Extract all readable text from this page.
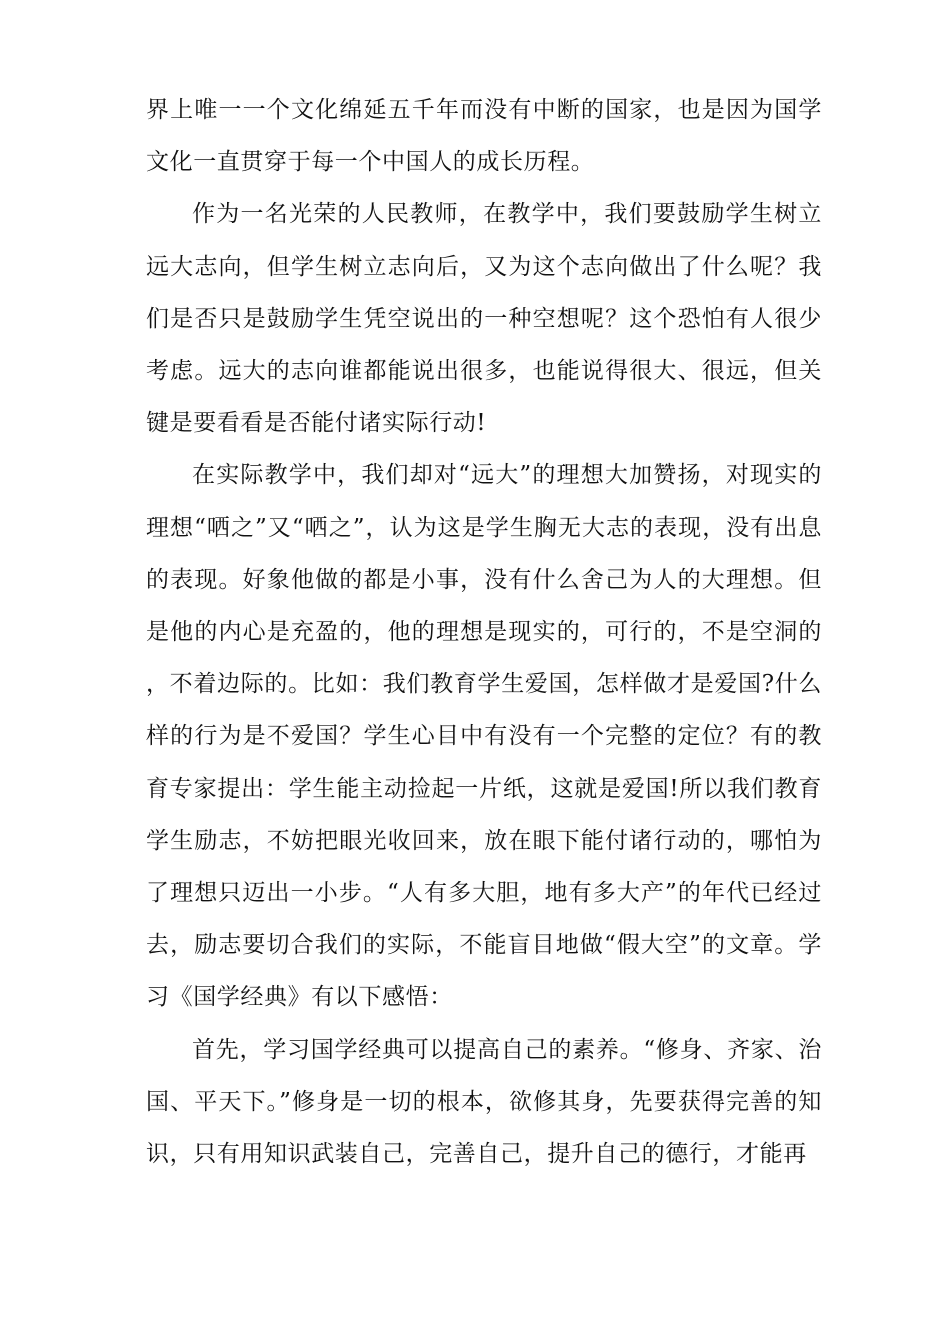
界上唯一一个文化绵延五千年而没有中断的国家，也是因为国学文化一直贯穿于每一个中国人的成长历程。

作为一名光荣的人民教师，在教学中，我们要鼓励学生树立远大志向，但学生树立志向后，又为这个志向做出了什么呢？我们是否只是鼓励学生凭空说出的一种空想呢？这个恐怕有人很少考虑。远大的志向谁都能说出很多，也能说得很大、很远，但关键是要看看是否能付诸实际行动!

在实际教学中，我们却对“远大”的理想大加赞扬，对现实的理想“哂之”又“哂之”，认为这是学生胸无大志的表现，没有出息的表现。好象他做的都是小事，没有什么舍己为人的大理想。但是他的内心是充盈的，他的理想是现实的，可行的，不是空洞的，不着边际的。比如：我们教育学生爱国，怎样做才是爱国?什么样的行为是不爱国？学生心目中有没有一个完整的定位？有的教育专家提出：学生能主动捡起一片纸，这就是爱国!所以我们教育学生励志，不妨把眼光收回来，放在眼下能付诸行动的，哪怕为了理想只迈出一小步。“人有多大胆，地有多大产”的年代已经过去，励志要切合我们的实际，不能盲目地做“假大空”的文章。学习《国学经典》有以下感悟：

首先，学习国学经典可以提高自己的素养。“修身、齐家、治国、平天下。”修身是一切的根本，欲修其身，先要获得完善的知识，只有用知识武装自己，完善自己，提升自己的德行，才能再
